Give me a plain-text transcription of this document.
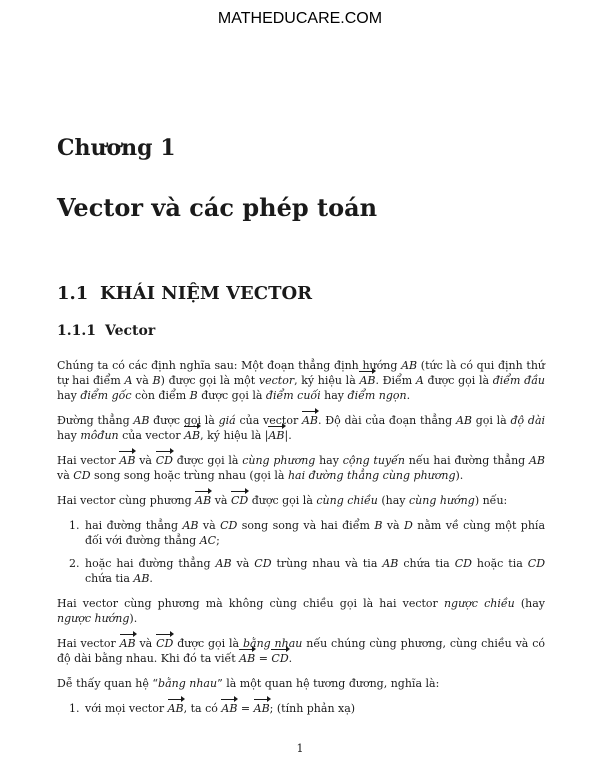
MATHEDUCARE.COM
Chương 1
Vector và các phép toán
1.1 KHÁI NIỆM VECTOR
1.1.1 Vector

Chúng ta có các định nghĩa sau: Một đoạn thẳng định hướng AB (tức là có qui định thứ tự hai điểm A và B) được gọi là một vector, ký hiệu là AB. Điểm A được gọi là điểm đầu hay điểm gốc còn điểm B được gọi là điểm cuối hay điểm ngọn.

Đường thẳng AB được gọi là giá của vector AB. Độ dài của đoạn thẳng AB gọi là độ dài hay môđun của vector AB, ký hiệu là |AB|.

Hai vector AB và CD được gọi là cùng phương hay cộng tuyến nếu hai đường thẳng AB và CD song song hoặc trùng nhau (gọi là hai đường thẳng cùng phương).

Hai vector cùng phương AB và CD được gọi là cùng chiều (hay cùng hướng) nếu:

1. hai đường thẳng AB và CD song song và hai điểm B và D nằm về cùng một phía đối với đường thẳng AC;
2. hoặc hai đường thẳng AB và CD trùng nhau và tia AB chứa tia CD hoặc tia CD chứa tia AB.

Hai vector cùng phương mà không cùng chiều gọi là hai vector ngược chiều (hay ngược hướng).

Hai vector AB và CD được gọi là bằng nhau nếu chúng cùng phương, cùng chiều và có độ dài bằng nhau. Khi đó ta viết AB = CD.

Dễ thấy quan hệ “bằng nhau” là một quan hệ tương đương, nghĩa là:

1. với mọi vector AB, ta có AB = AB; (tính phản xạ)
1
